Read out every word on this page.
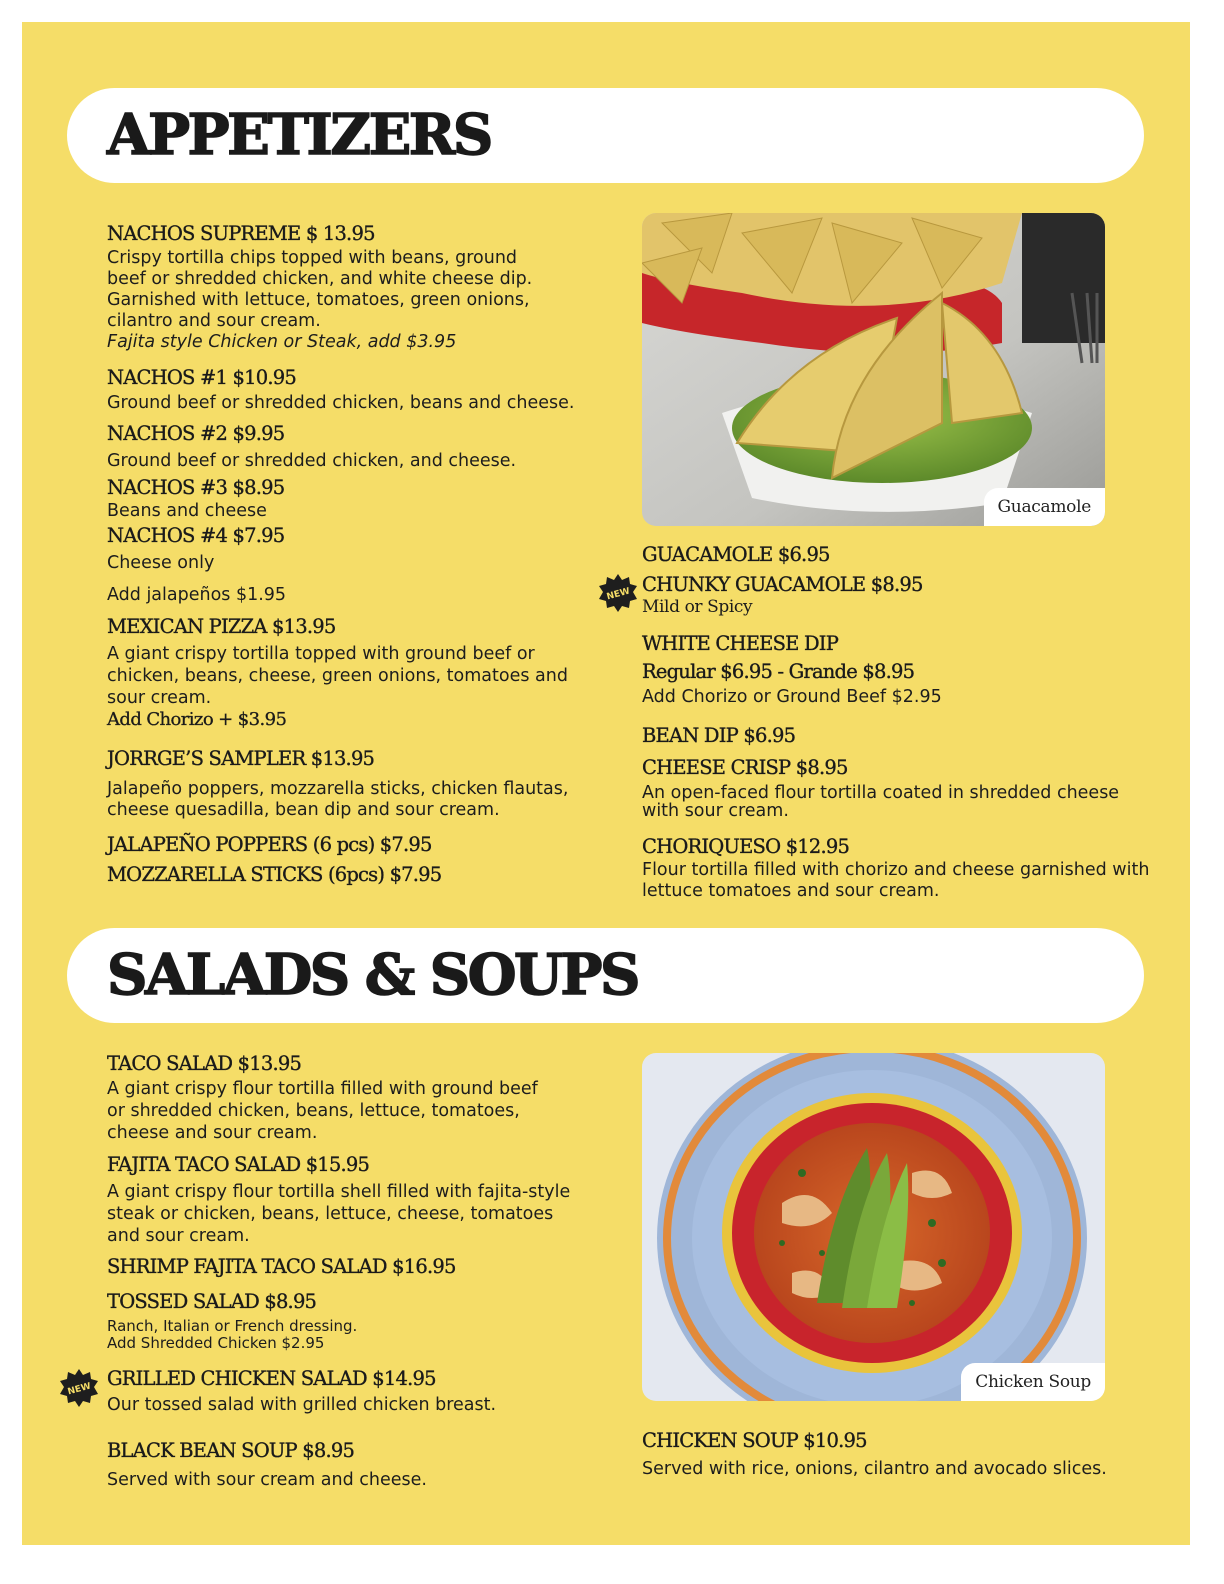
APPETIZERS
NACHOS SUPREME $ 13.95
Crispy tortilla chips topped with beans, ground
beef or shredded chicken, and white cheese dip.
Garnished with lettuce, tomatoes, green onions,
cilantro and sour cream.
Fajita style Chicken or Steak, add $3.95
NACHOS #1 $10.95
Ground beef or shredded chicken, beans and cheese.
NACHOS #2 $9.95
Ground beef or shredded chicken, and cheese.
NACHOS #3 $8.95
Beans and cheese
NACHOS #4 $7.95
Cheese only
Add jalapeños $1.95
MEXICAN PIZZA $13.95
A giant crispy tortilla topped with ground beef or
chicken, beans, cheese, green onions, tomatoes and
sour cream.
Add Chorizo + $3.95
JORRGE’S SAMPLER $13.95
Jalapeño poppers, mozzarella sticks, chicken flautas,
cheese quesadilla, bean dip and sour cream.
JALAPEÑO POPPERS (6 pcs) $7.95
MOZZARELLA STICKS (6pcs) $7.95
Guacamole
GUACAMOLE $6.95
NEW CHUNKY GUACAMOLE $8.95
Mild or Spicy
WHITE CHEESE DIP
Regular $6.95 - Grande $8.95
Add Chorizo or Ground Beef $2.95
BEAN DIP $6.95
CHEESE CRISP $8.95
An open-faced flour tortilla coated in shredded cheese
with sour cream.
CHORIQUESO $12.95
Flour tortilla filled with chorizo and cheese garnished with
lettuce tomatoes and sour cream.
SALADS & SOUPS
TACO SALAD $13.95
A giant crispy flour tortilla filled with ground beef
or shredded chicken, beans, lettuce, tomatoes,
cheese and sour cream.
FAJITA TACO SALAD $15.95
A giant crispy flour tortilla shell filled with fajita-style
steak or chicken, beans, lettuce, cheese, tomatoes
and sour cream.
SHRIMP FAJITA TACO SALAD $16.95
TOSSED SALAD $8.95
Ranch, Italian or French dressing.
Add Shredded Chicken $2.95
NEW GRILLED CHICKEN SALAD $14.95
Our tossed salad with grilled chicken breast.
BLACK BEAN SOUP $8.95
Served with sour cream and cheese.
Chicken Soup
CHICKEN SOUP $10.95
Served with rice, onions, cilantro and avocado slices.
